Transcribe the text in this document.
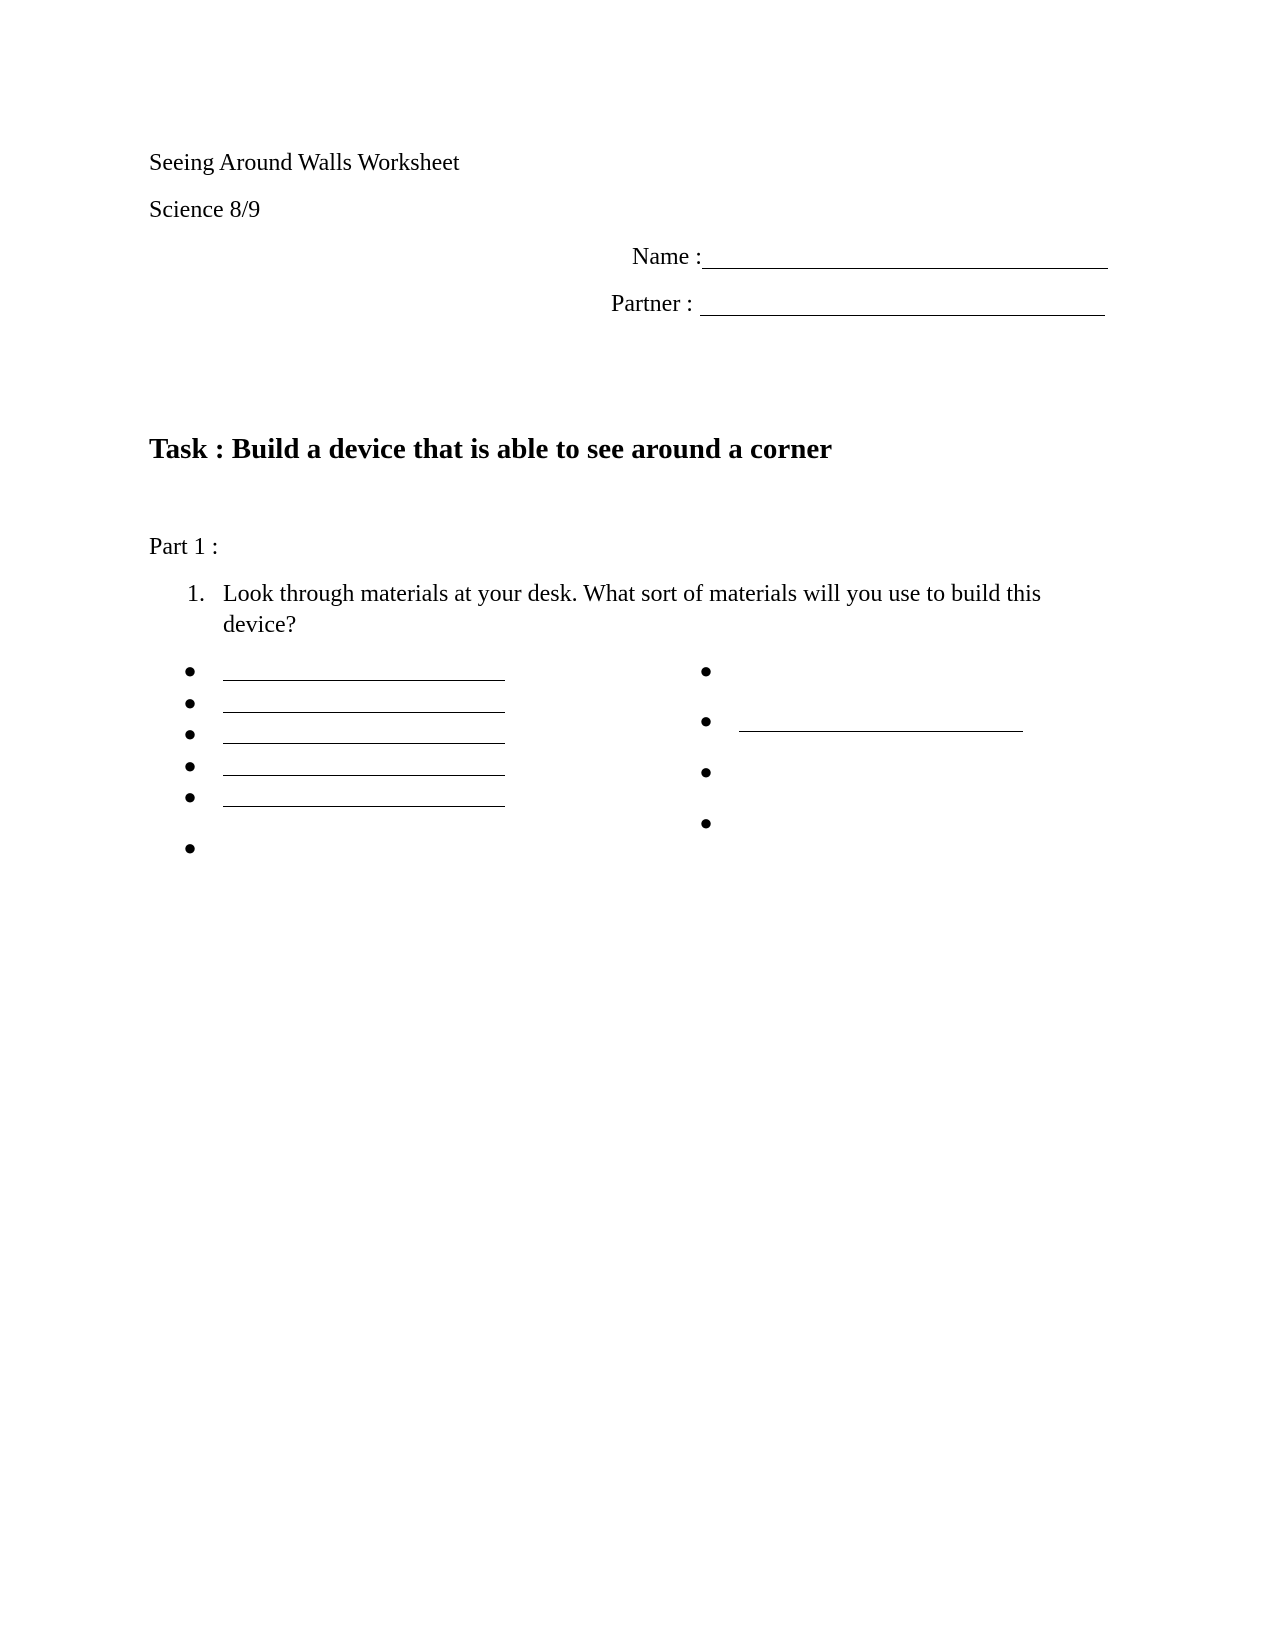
Seeing Around Walls Worksheet
Science 8/9
Name :
Partner :
Task : Build a device that is able to see around a corner
Part 1 :
1. Look through materials at your desk. What sort of materials will you use to build this device?
●
●
●
●
●
●
●
●
●
●
